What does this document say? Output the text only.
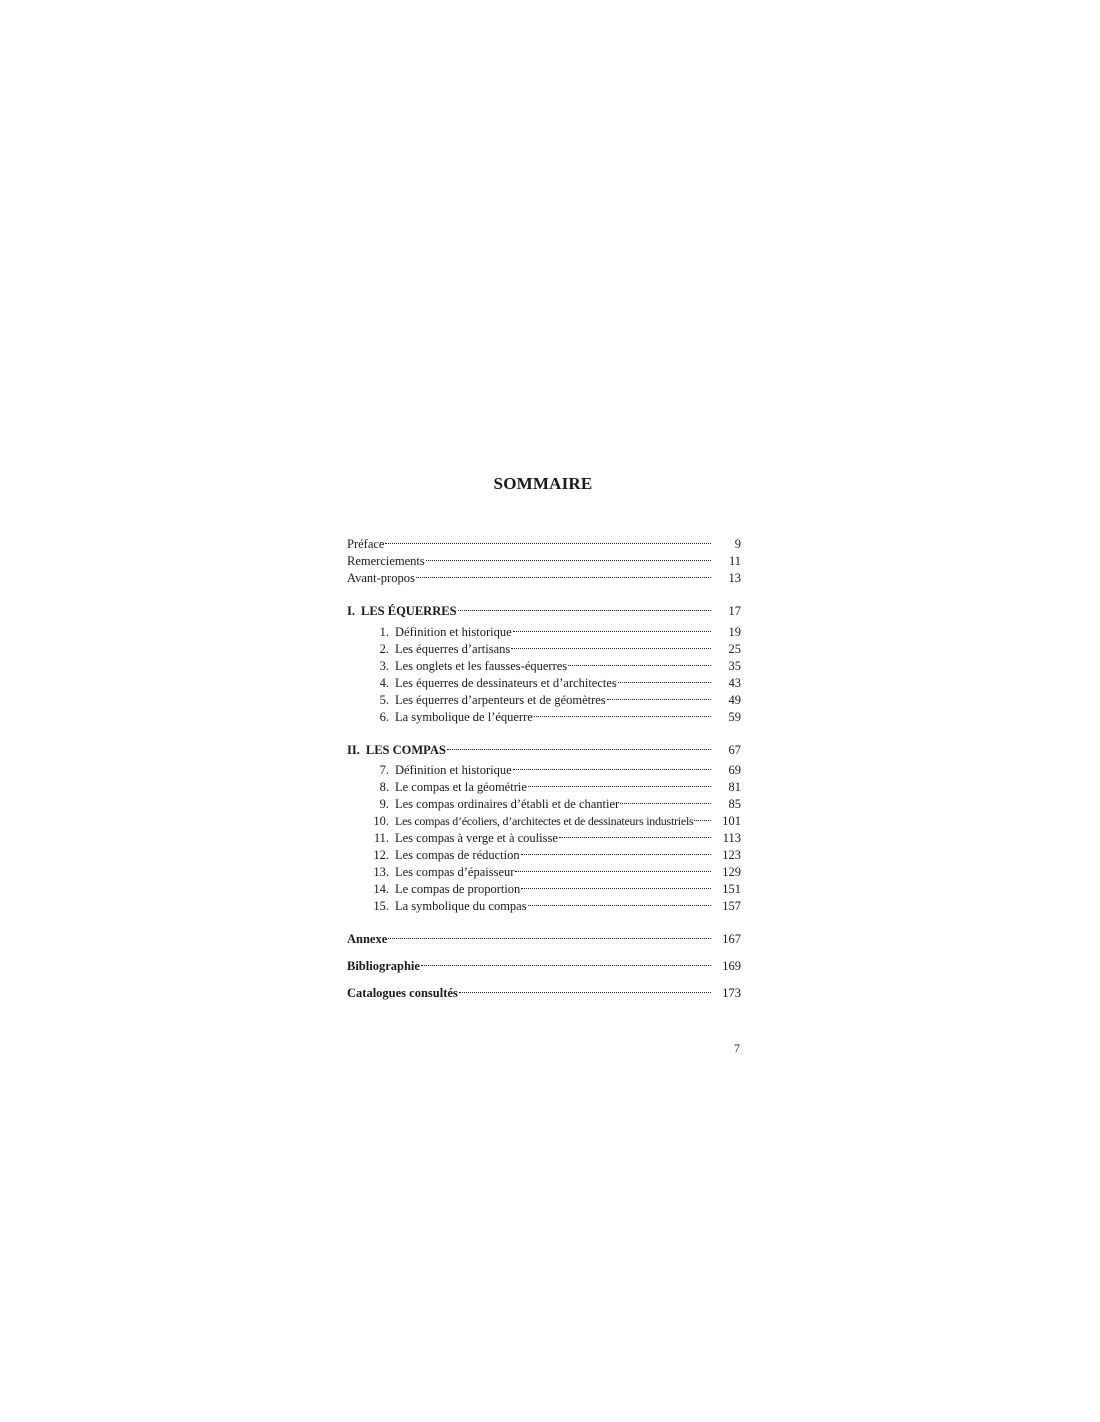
SOMMAIRE
Préface	9
Remerciements	11
Avant-propos	13
I. LES ÉQUERRES	17
1. Définition et historique	19
2. Les équerres d’artisans	25
3. Les onglets et les fausses-équerres	35
4. Les équerres de dessinateurs et d’architectes	43
5. Les équerres d’arpenteurs et de géomètres	49
6. La symbolique de l’équerre	59
II. LES COMPAS	67
7. Définition et historique	69
8. Le compas et la géométrie	81
9. Les compas ordinaires d’établi et de chantier	85
10. Les compas d’écoliers, d’architectes et de dessinateurs industriels	101
11. Les compas à verge et à coulisse	113
12. Les compas de réduction	123
13. Les compas d’épaisseur	129
14. Le compas de proportion	151
15. La symbolique du compas	157
Annexe	167
Bibliographie	169
Catalogues consultés	173
7
